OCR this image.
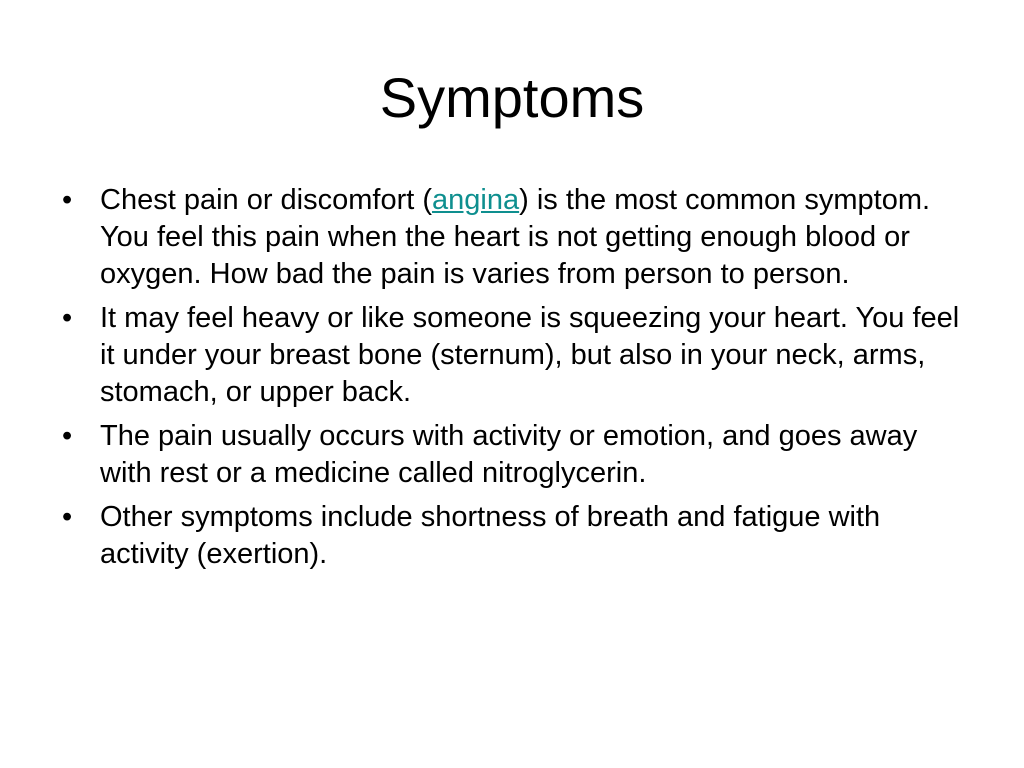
Symptoms
• Chest pain or discomfort (angina) is the most common symptom. You feel this pain when the heart is not getting enough blood or oxygen. How bad the pain is varies from person to person.
• It may feel heavy or like someone is squeezing your heart. You feel it under your breast bone (sternum), but also in your neck, arms, stomach, or upper back.
• The pain usually occurs with activity or emotion, and goes away with rest or a medicine called nitroglycerin.
• Other symptoms include shortness of breath and fatigue with activity (exertion).
